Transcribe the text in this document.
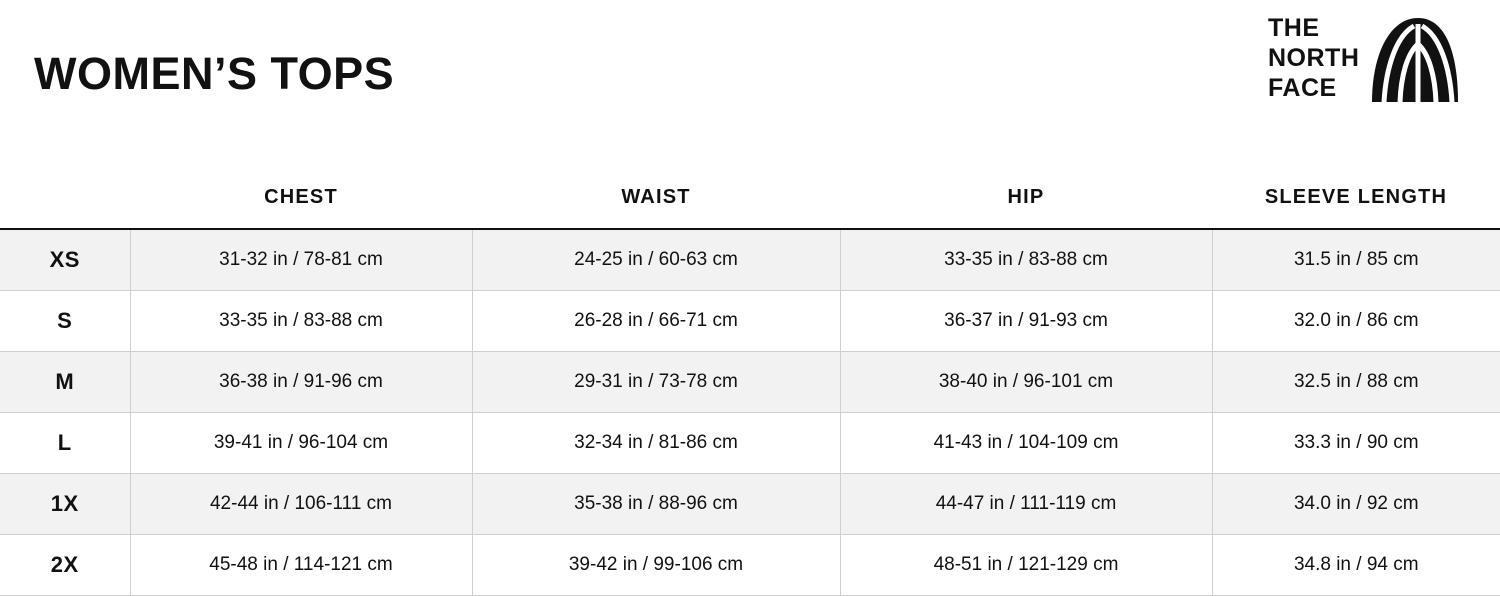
WOMEN’S TOPS
THE
NORTH
FACE
	CHEST	WAIST	HIP	SLEEVE LENGTH
XS	31-32 in / 78-81 cm	24-25 in / 60-63 cm	33-35 in / 83-88 cm	31.5 in / 85 cm
S	33-35 in / 83-88 cm	26-28 in / 66-71 cm	36-37 in / 91-93 cm	32.0 in / 86 cm
M	36-38 in / 91-96 cm	29-31 in / 73-78 cm	38-40 in / 96-101 cm	32.5 in / 88 cm
L	39-41 in / 96-104 cm	32-34 in / 81-86 cm	41-43 in / 104-109 cm	33.3 in / 90 cm
1X	42-44 in / 106-111 cm	35-38 in / 88-96 cm	44-47 in / 111-119 cm	34.0 in / 92 cm
2X	45-48 in / 114-121 cm	39-42 in / 99-106 cm	48-51 in / 121-129 cm	34.8 in / 94 cm
